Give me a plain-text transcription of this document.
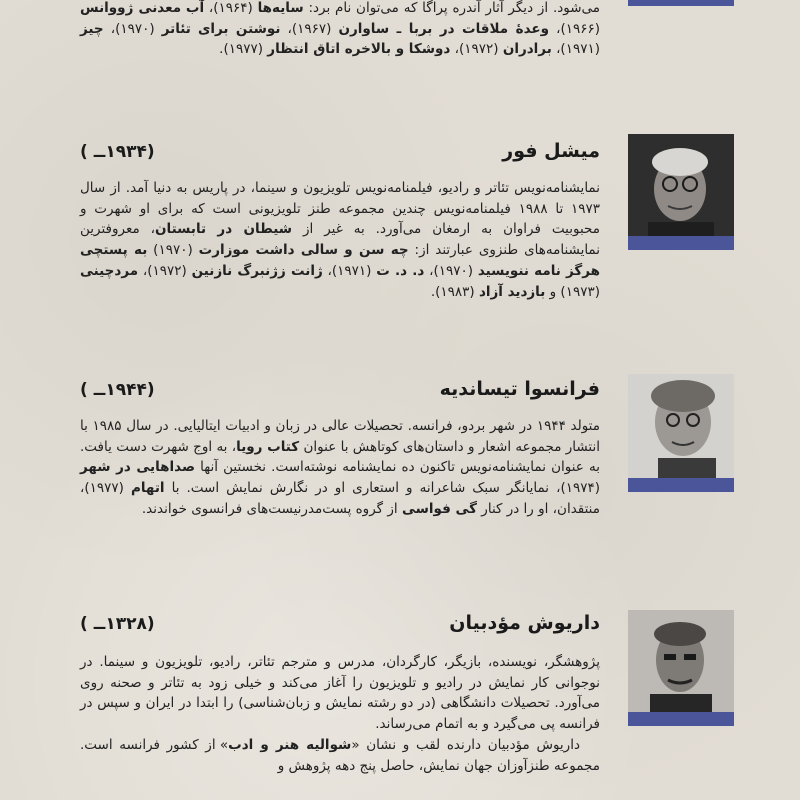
می‌شود. از دیگر آثار آندره پراگا که می‌توان نام برد: سایه‌ها (۱۹۶۴)، آب معدنی ژووانس (۱۹۶۶)، وعدهٔ ملاقات در بربا ـ ساوارن (۱۹۶۷)، نوشتن برای تئاتر (۱۹۷۰)، چیز (۱۹۷۱)، برادران (۱۹۷۲)، دوشکا و بالاخره اتاق انتظار (۱۹۷۷).
میشل فور
(۱۹۳۴ــ )
نمایشنامه‌نویس تئاتر و رادیو، فیلمنامه‌نویس تلویزیون و سینما، در پاریس به دنیا آمد. از سال ۱۹۷۳ تا ۱۹۸۸ فیلمنامه‌نویس چندین مجموعه طنز تلویزیونی است که برای او شهرت و محبوبیت فراوان به ارمغان می‌آورد. به غیر از شیطان در تابستان، معروفترین نمایشنامه‌های طنزوی عبارتند از: چه سن و سالی داشت موزارت (۱۹۷۰) به پستچی هرگز نامه ننویسید (۱۹۷۰)، د. د. ت (۱۹۷۱)، ژانت زژنبرگ نازنین (۱۹۷۲)، مردچینی (۱۹۷۳) و بازدید آزاد (۱۹۸۳).
فرانسوا تیساندیه
(۱۹۴۴ــ )
متولد ۱۹۴۴ در شهر بردو، فرانسه. تحصیلات عالی در زبان و ادبیات ایتالیایی. در سال ۱۹۸۵ با انتشار مجموعه اشعار و داستان‌های کوتاهش با عنوان کتاب رویا، به اوج شهرت دست یافت. به عنوان نمایشنامه‌نویس تاکنون ده نمایشنامه نوشته‌است. نخستین آنها صداهایی در شهر (۱۹۷۴)، نمایانگر سبک شاعرانه و استعاری او در نگارش نمایش است. با اتهام (۱۹۷۷)، منتقدان، او را در کنار گی فواسی از گروه پست‌مدرنیست‌های فرانسوی خواندند.
داریوش مؤدبیان
(۱۳۲۸ــ )
پژوهشگر، نویسنده، بازیگر، کارگردان، مدرس و مترجم تئاتر، رادیو، تلویزیون و سینما. در نوجوانی کار نمایش در رادیو و تلویزیون را آغاز می‌کند و خیلی زود به تئاتر و صحنه روی می‌آورد. تحصیلات دانشگاهی (در دو رشته نمایش و زبان‌شناسی) را ابتدا در ایران و سپس در فرانسه پی می‌گیرد و به اتمام می‌رساند.
داریوش مؤدبیان دارنده لقب و نشان «شوالیه هنر و ادب» از کشور فرانسه است. مجموعه طنزآوزان جهان نمایش، حاصل پنج دهه پژوهش و
